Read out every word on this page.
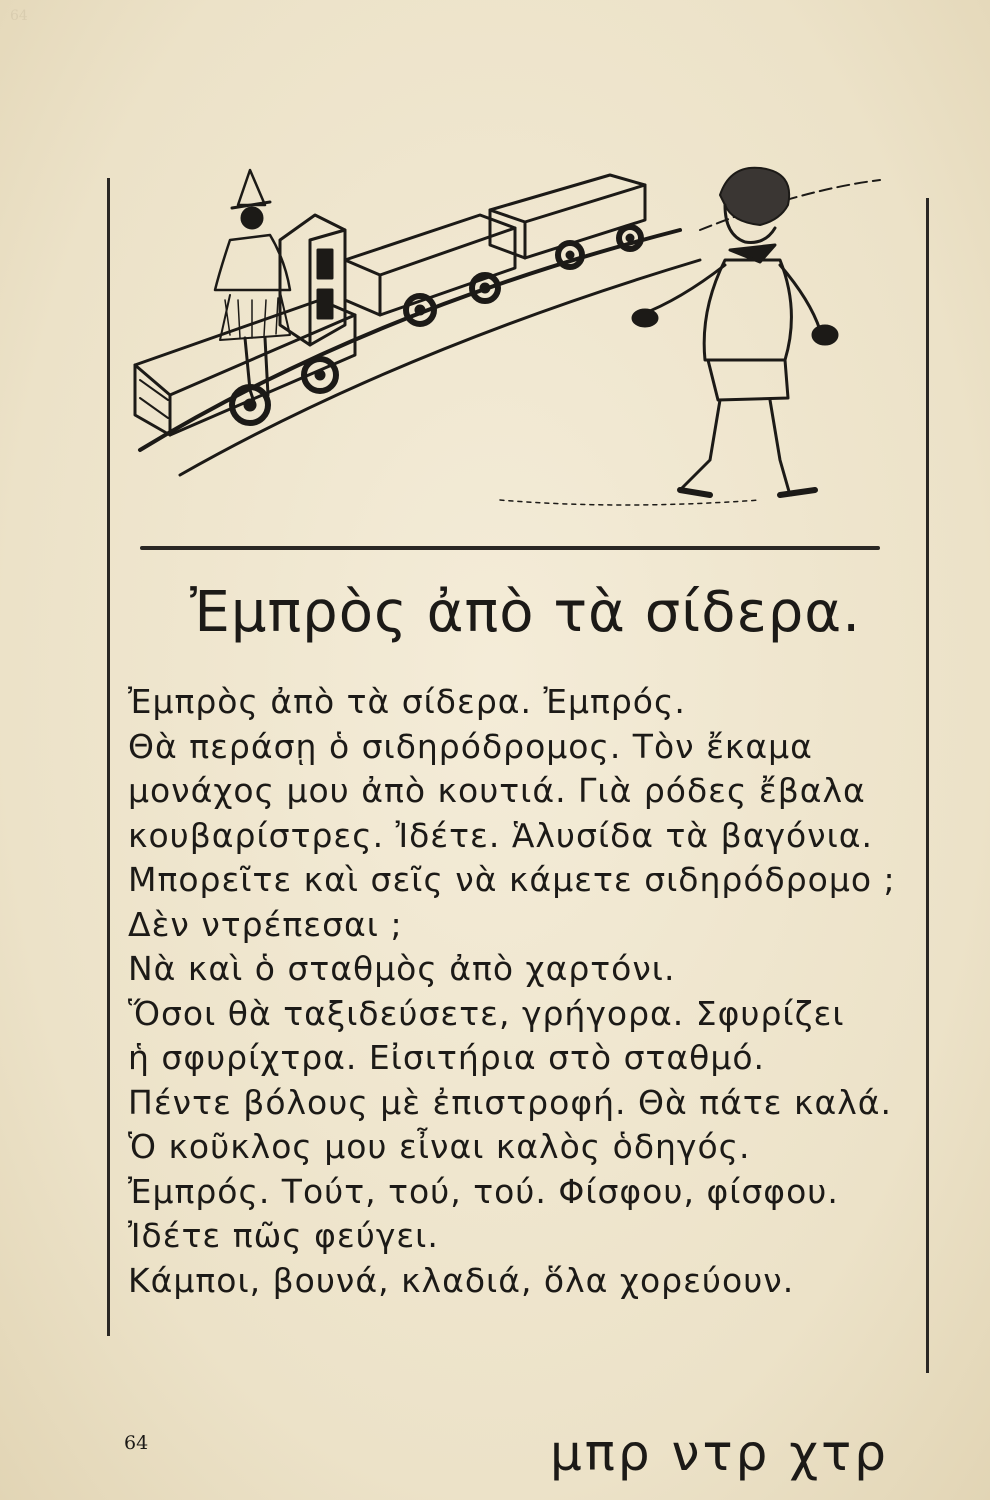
64
Ἐμπρὸς ἀπὸ τὰ σίδερα.
Ἐμπρὸς ἀπὸ τὰ σίδερα. Ἐμπρός.
Θὰ περάσῃ ὁ σιδηρόδρομος. Τὸν ἔκαμα
μονάχος μου ἀπὸ κουτιά. Γιὰ ρόδες ἔβαλα
κουβαρίστρες. Ἰδέτε. Ἁλυσίδα τὰ βαγόνια.
Μπορεῖτε καὶ σεῖς νὰ κάμετε σιδηρόδρομο ;
Δὲν ντρέπεσαι ;
Νὰ καὶ ὁ σταθμὸς ἀπὸ χαρτόνι.
Ὅσοι θὰ ταξιδεύσετε, γρήγορα. Σφυρίζει
ἡ σφυρίχτρα. Εἰσιτήρια στὸ σταθμό.
Πέντε βόλους μὲ ἐπιστροφή. Θὰ πάτε καλά.
Ὁ κοῦκλος μου εἶναι καλὸς ὁδηγός.
Ἐμπρός. Τούτ, τού, τού. Φίσφου, φίσφου.
Ἰδέτε πῶς φεύγει.
Κάμποι, βουνά, κλαδιά, ὅλα χορεύουν.
64	μπρ ντρ χτρ
